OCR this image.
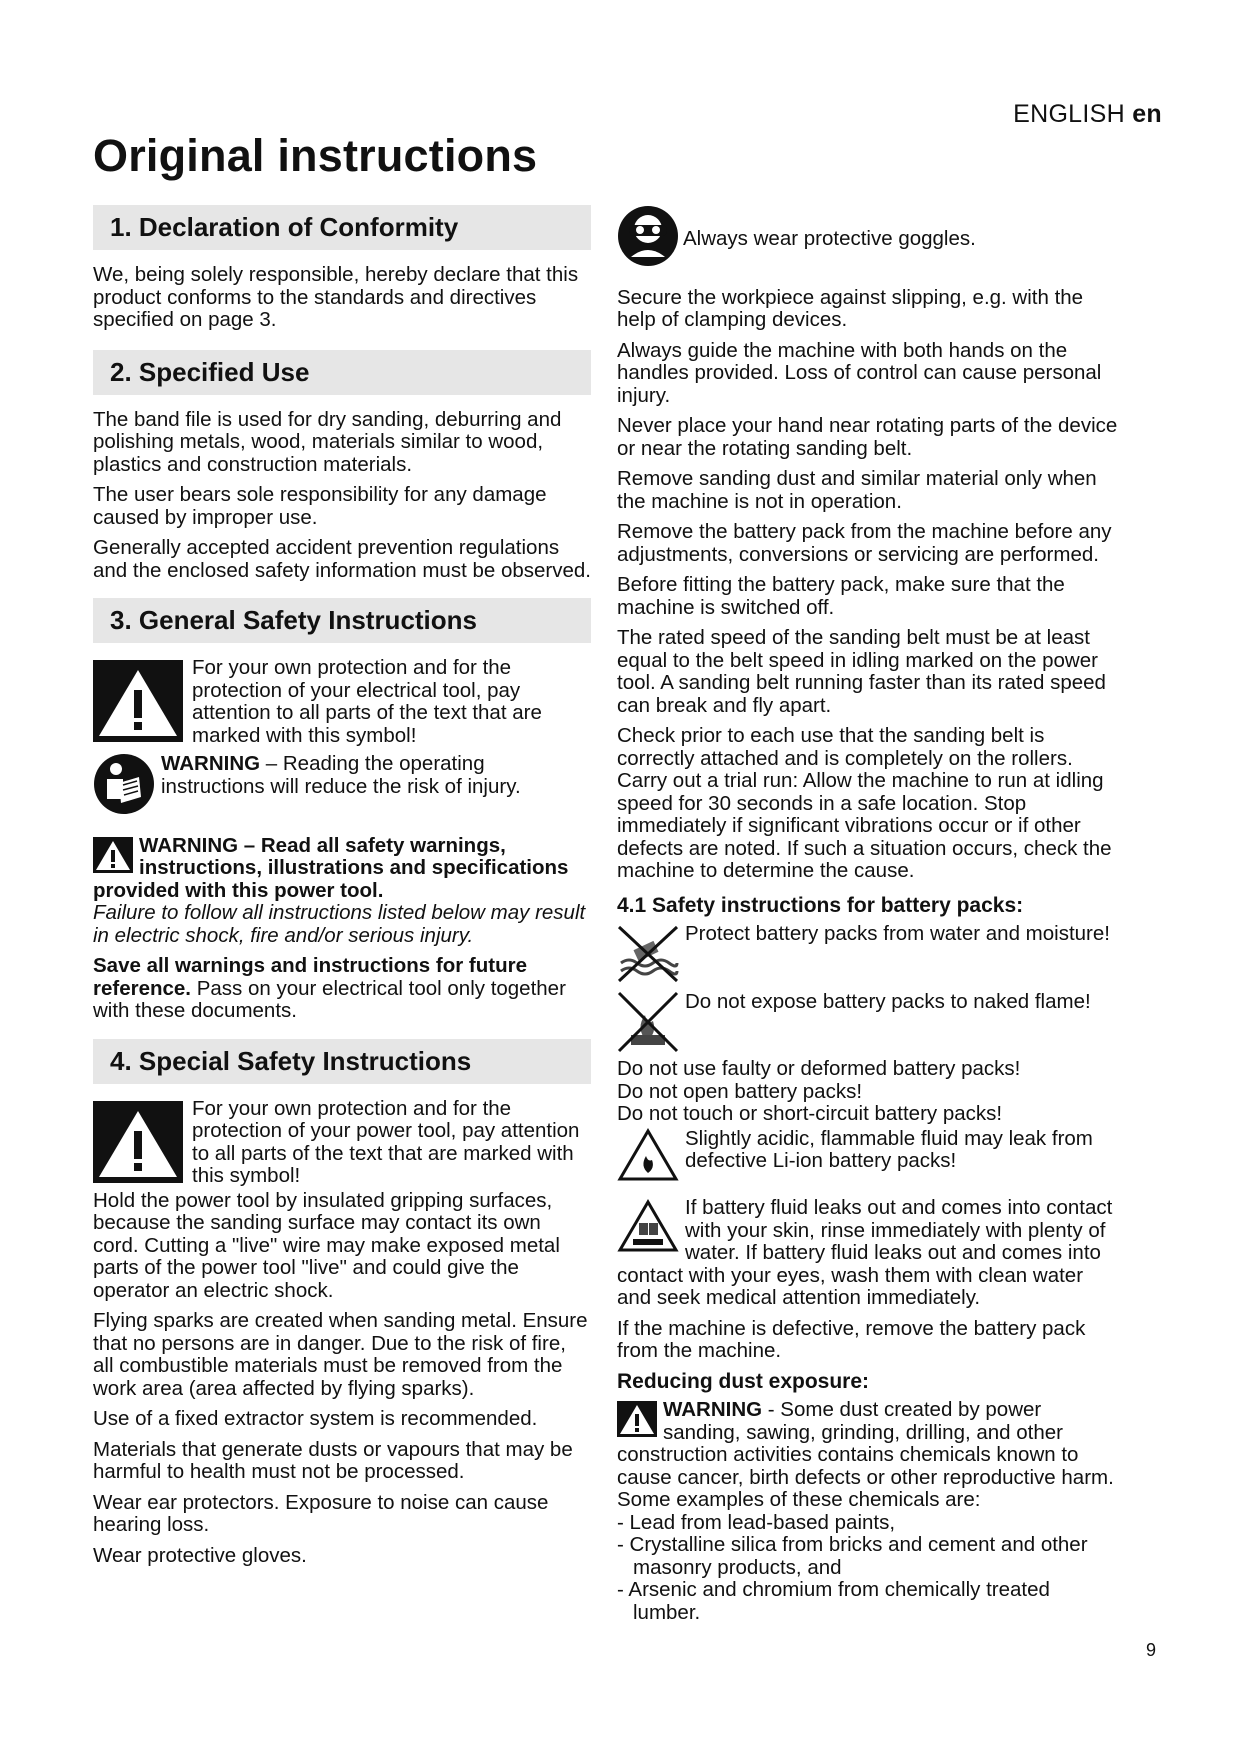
ENGLISH en
Original instructions
1. Declaration of Conformity

We, being solely responsible, hereby declare that this product conforms to the standards and directives specified on page 3.

2. Specified Use

The band file is used for dry sanding, deburring and polishing metals, wood, materials similar to wood, plastics and construction materials.

The user bears sole responsibility for any damage caused by improper use.

Generally accepted accident prevention regulations and the enclosed safety information must be observed.

3. General Safety Instructions

For your own protection and for the protection of your electrical tool, pay attention to all parts of the text that are marked with this symbol!

WARNING – Reading the operating instructions will reduce the risk of injury.

WARNING – Read all safety warnings, instructions, illustrations and specifications provided with this power tool.

Failure to follow all instructions listed below may result in electric shock, fire and/or serious injury.

Save all warnings and instructions for future reference. Pass on your electrical tool only together with these documents.

4. Special Safety Instructions

For your own protection and for the protection of your power tool, pay attention to all parts of the text that are marked with this symbol!

Hold the power tool by insulated gripping surfaces, because the sanding surface may contact its own cord. Cutting a "live" wire may make exposed metal parts of the power tool "live" and could give the operator an electric shock.

Flying sparks are created when sanding metal. Ensure that no persons are in danger. Due to the risk of fire, all combustible materials must be removed from the work area (area affected by flying sparks).

Use of a fixed extractor system is recommended.

Materials that generate dusts or vapours that may be harmful to health must not be processed.

Wear ear protectors. Exposure to noise can cause hearing loss.

Wear protective gloves.

Always wear protective goggles.

Secure the workpiece against slipping, e.g. with the help of clamping devices.

Always guide the machine with both hands on the handles provided. Loss of control can cause personal injury.

Never place your hand near rotating parts of the device or near the rotating sanding belt.

Remove sanding dust and similar material only when the machine is not in operation.

Remove the battery pack from the machine before any adjustments, conversions or servicing are performed.

Before fitting the battery pack, make sure that the machine is switched off.

The rated speed of the sanding belt must be at least equal to the belt speed in idling marked on the power tool. A sanding belt running faster than its rated speed can break and fly apart.

Check prior to each use that the sanding belt is correctly attached and is completely on the rollers. Carry out a trial run: Allow the machine to run at idling speed for 30 seconds in a safe location. Stop immediately if significant vibrations occur or if other defects are noted. If such a situation occurs, check the machine to determine the cause.

4.1 Safety instructions for battery packs:
Protect battery packs from water and moisture!
Do not expose battery packs to naked flame!

Do not use faulty or deformed battery packs!

Do not open battery packs!

Do not touch or short-circuit battery packs!

Slightly acidic, flammable fluid may leak from defective Li-ion battery packs!

If battery fluid leaks out and comes into contact with your skin, rinse immediately with plenty of water. If battery fluid leaks out and comes into contact with your eyes, wash them with clean water and seek medical attention immediately.

If the machine is defective, remove the battery pack from the machine.

Reducing dust exposure:

WARNING - Some dust created by power sanding, sawing, grinding, drilling, and other construction activities contains chemicals known to cause cancer, birth defects or other reproductive harm. Some examples of these chemicals are:

- Lead from lead-based paints,

- Crystalline silica from bricks and cement and other masonry products, and

- Arsenic and chromium from chemically treated lumber.

9
